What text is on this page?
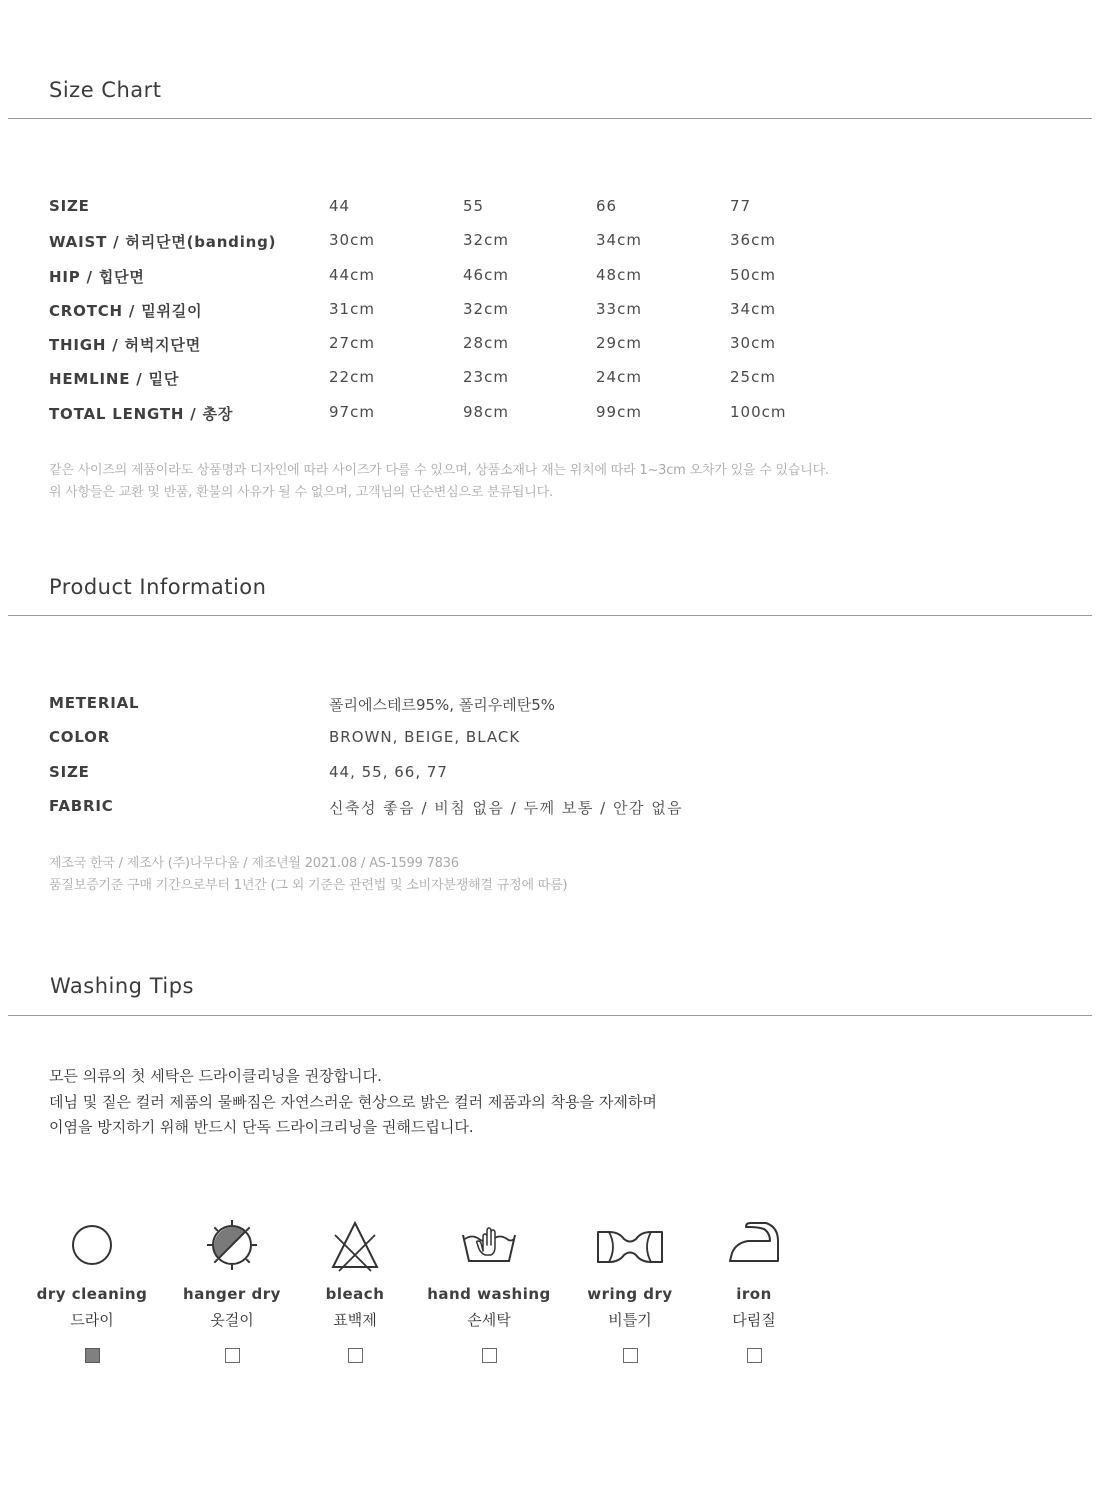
Size Chart
SIZE	44	55	66	77
WAIST / 허리단면(banding)	30cm	32cm	34cm	36cm
HIP / 힙단면	44cm	46cm	48cm	50cm
CROTCH / 밑위길이	31cm	32cm	33cm	34cm
THIGH / 허벅지단면	27cm	28cm	29cm	30cm
HEMLINE / 밑단	22cm	23cm	24cm	25cm
TOTAL LENGTH / 총장	97cm	98cm	99cm	100cm
같은 사이즈의 제품이라도 상품명과 디자인에 따라 사이즈가 다를 수 있으며, 상품소재나 재는 위치에 따라 1~3cm 오차가 있을 수 있습니다.
위 사항들은 교환 및 반품, 환불의 사유가 될 수 없으며, 고객님의 단순변심으로 분류됩니다.
Product Information
METERIAL	폴리에스테르95%, 폴리우레탄5%
COLOR	BROWN, BEIGE, BLACK
SIZE	44, 55, 66, 77
FABRIC	신축성 좋음 / 비침 없음 / 두께 보통 / 안감 없음
제조국 한국 / 제조사 (주)나무다움 / 제조년월 2021.08 / AS-1599 7836
품질보증기준 구매 기간으로부터 1년간 (그 외 기준은 관련법 및 소비자분쟁해결 규정에 따름)
Washing Tips
모든 의류의 첫 세탁은 드라이클리닝을 권장합니다.
데님 및 짙은 컬러 제품의 물빠짐은 자연스러운 현상으로 밝은 컬러 제품과의 착용을 자제하며
이염을 방지하기 위해 반드시 단독 드라이크리닝을 권해드립니다.
dry cleaning
드라이
hanger dry
옷걸이
bleach
표백제
hand washing
손세탁
wring dry
비틀기
iron
다림질
